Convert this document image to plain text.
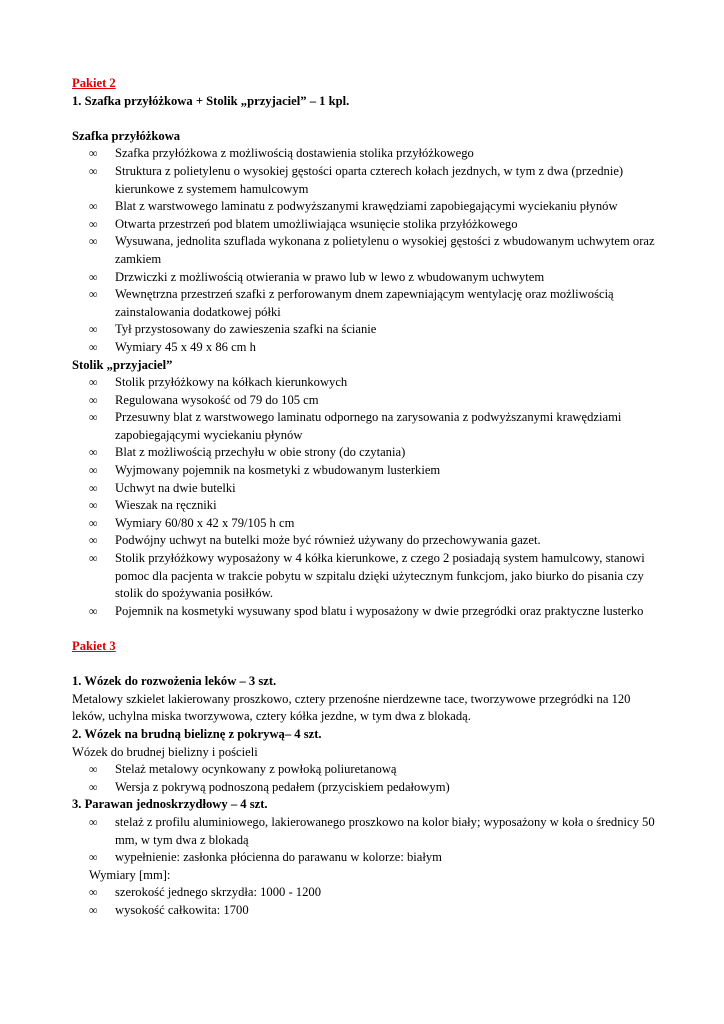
Pakiet 2
1. Szafka przyłóżkowa + Stolik „przyjaciel” – 1 kpl.
Szafka przyłóżkowa
∞ Szafka przyłóżkowa z możliwością dostawienia stolika przyłóżkowego
∞ Struktura z polietylenu o wysokiej gęstości oparta czterech kołach jezdnych, w tym z dwa (przednie) kierunkowe z systemem hamulcowym
∞ Blat z warstwowego laminatu z podwyższanymi krawędziami zapobiegającymi wyciekaniu płynów
∞ Otwarta przestrzeń pod blatem umożliwiająca wsunięcie stolika przyłóżkowego
∞ Wysuwana, jednolita szuflada wykonana z polietylenu o wysokiej gęstości z wbudowanym uchwytem oraz zamkiem
∞ Drzwiczki z możliwością otwierania w prawo lub w lewo z wbudowanym uchwytem
∞ Wewnętrzna przestrzeń szafki z perforowanym dnem zapewniającym wentylację oraz możliwością zainstalowania dodatkowej półki
∞ Tył przystosowany do zawieszenia szafki na ścianie
∞ Wymiary 45 x 49 x 86 cm h
Stolik „przyjaciel”
∞ Stolik przyłóżkowy na kółkach kierunkowych
∞ Regulowana wysokość od 79 do 105 cm
∞ Przesuwny blat z warstwowego laminatu odpornego na zarysowania z podwyższanymi krawędziami zapobiegającymi wyciekaniu płynów
∞ Blat z możliwością przechyłu w obie strony (do czytania)
∞ Wyjmowany pojemnik na kosmetyki z wbudowanym lusterkiem
∞ Uchwyt na dwie butelki
∞ Wieszak na ręczniki
∞ Wymiary 60/80 x 42 x 79/105 h cm
∞ Podwójny uchwyt na butelki może być również używany do przechowywania gazet.
∞ Stolik przyłóżkowy wyposażony w 4 kółka kierunkowe, z czego 2 posiadają system hamulcowy, stanowi pomoc dla pacjenta w trakcie pobytu w szpitalu dzięki użytecznym funkcjom, jako biurko do pisania czy stolik do spożywania posiłków.
∞ Pojemnik na kosmetyki wysuwany spod blatu i wyposażony w dwie przegródki oraz praktyczne lusterko
Pakiet 3
1. Wózek do rozwożenia leków – 3 szt.
Metalowy szkielet lakierowany proszkowo, cztery przenośne nierdzewne tace, tworzywowe przegródki na 120 leków, uchylna miska tworzywowa, cztery kółka jezdne, w tym dwa z blokadą.
2. Wózek na brudną bieliznę z pokrywą– 4 szt.
Wózek do brudnej bielizny i pościeli
∞ Stelaż metalowy ocynkowany z powłoką poliuretanową
∞ Wersja z pokrywą podnoszoną pedałem (przyciskiem pedałowym)
3. Parawan jednoskrzydłowy – 4 szt.
∞ stelaż z profilu aluminiowego, lakierowanego proszkowo na kolor biały; wyposażony w koła o średnicy 50 mm, w tym dwa z blokadą
∞ wypełnienie: zasłonka płócienna do parawanu w kolorze: białym
Wymiary [mm]:
∞ szerokość jednego skrzydła: 1000 - 1200
∞ wysokość całkowita: 1700
